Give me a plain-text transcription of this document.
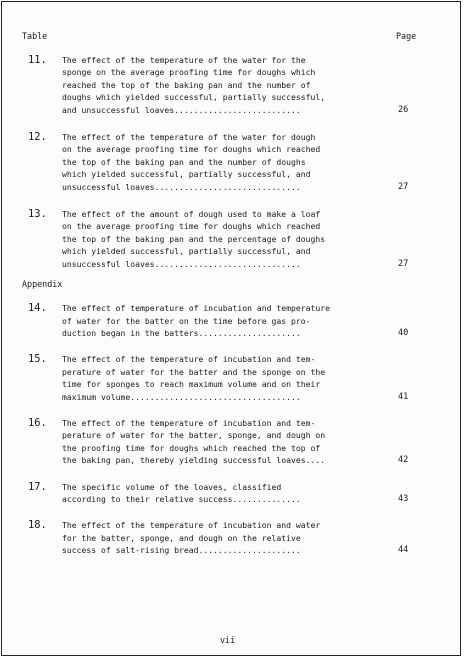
Table	Page
11.	The effect of the temperature of the water for the
sponge on the average proofing time for doughs which
reached the top of the baking pan and the number of
doughs which yielded successful, partially successful,
and unsuccessful loaves..........................	26
12.	The effect of the temperature of the water for dough
on the average proofing time for doughs which reached
the top of the baking pan and the number of doughs
which yielded successful, partially successful, and
unsuccessful loaves..............................	27
13.	The effect of the amount of dough used to make a loaf
on the average proofing time for doughs which reached
the top of the baking pan and the percentage of doughs
which yielded successful, partially successful, and
unsuccessful loaves..............................	27
Appendix
14.	The effect of temperature of incubation and temperature
of water for the batter on the time before gas pro-
duction began in the batters.....................	40
15.	The effect of the temperature of incubation and tem-
perature of water for the batter and the sponge on the
time for sponges to reach maximum volume and on their
maximum volume...................................	41
16.	The effect of the temperature of incubation and tem-
perature of water for the batter, sponge, and dough on
the proofing time for doughs which reached the top of
the baking pan, thereby yielding successful loaves....	42
17.	The specific volume of the loaves, classified
according to their relative success..............	43
18.	The effect of the temperature of incubation and water
for the batter, sponge, and dough on the relative
success of salt-rising bread.....................	44
vii
